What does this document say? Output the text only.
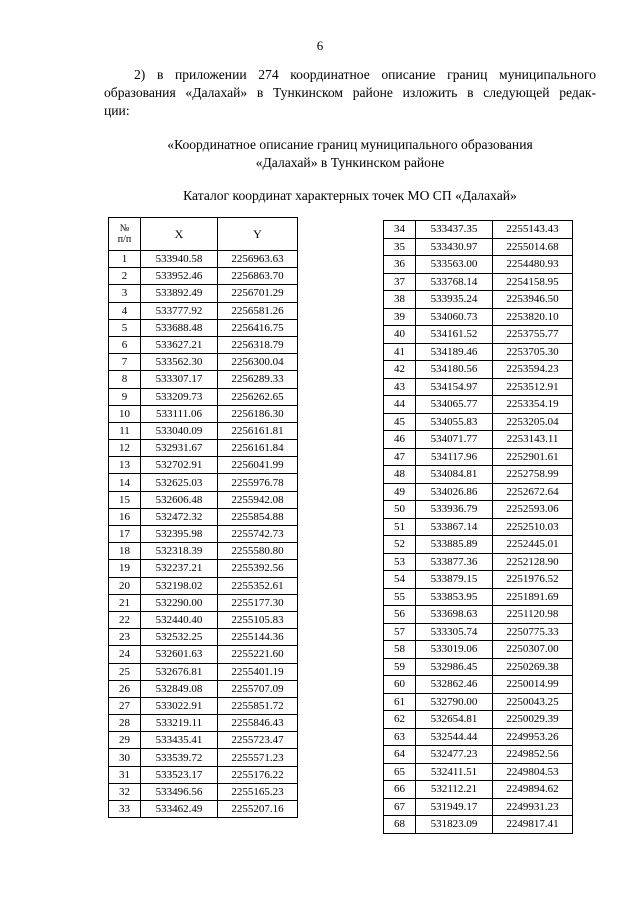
6
2) в приложении 274 координатное описание границ муниципального
образования «Далахай» в Тункинском районе изложить в следующей редак-
ции:
«Координатное описание границ муниципального образования
«Далахай» в Тункинском районе
Каталог координат характерных точек МО СП «Далахай»
№
п/п	X	Y
1	533940.58	2256963.63
2	533952.46	2256863.70
3	533892.49	2256701.29
4	533777.92	2256581.26
5	533688.48	2256416.75
6	533627.21	2256318.79
7	533562.30	2256300.04
8	533307.17	2256289.33
9	533209.73	2256262.65
10	533111.06	2256186.30
11	533040.09	2256161.81
12	532931.67	2256161.84
13	532702.91	2256041.99
14	532625.03	2255976.78
15	532606.48	2255942.08
16	532472.32	2255854.88
17	532395.98	2255742.73
18	532318.39	2255580.80
19	532237.21	2255392.56
20	532198.02	2255352.61
21	532290.00	2255177.30
22	532440.40	2255105.83
23	532532.25	2255144.36
24	532601.63	2255221.60
25	532676.81	2255401.19
26	532849.08	2255707.09
27	533022.91	2255851.72
28	533219.11	2255846.43
29	533435.41	2255723.47
30	533539.72	2255571.23
31	533523.17	2255176.22
32	533496.56	2255165.23
33	533462.49	2255207.16
34	533437.35	2255143.43
35	533430.97	2255014.68
36	533563.00	2254480.93
37	533768.14	2254158.95
38	533935.24	2253946.50
39	534060.73	2253820.10
40	534161.52	2253755.77
41	534189.46	2253705.30
42	534180.56	2253594.23
43	534154.97	2253512.91
44	534065.77	2253354.19
45	534055.83	2253205.04
46	534071.77	2253143.11
47	534117.96	2252901.61
48	534084.81	2252758.99
49	534026.86	2252672.64
50	533936.79	2252593.06
51	533867.14	2252510.03
52	533885.89	2252445.01
53	533877.36	2252128.90
54	533879.15	2251976.52
55	533853.95	2251891.69
56	533698.63	2251120.98
57	533305.74	2250775.33
58	533019.06	2250307.00
59	532986.45	2250269.38
60	532862.46	2250014.99
61	532790.00	2250043.25
62	532654.81	2250029.39
63	532544.44	2249953.26
64	532477.23	2249852.56
65	532411.51	2249804.53
66	532112.21	2249894.62
67	531949.17	2249931.23
68	531823.09	2249817.41
